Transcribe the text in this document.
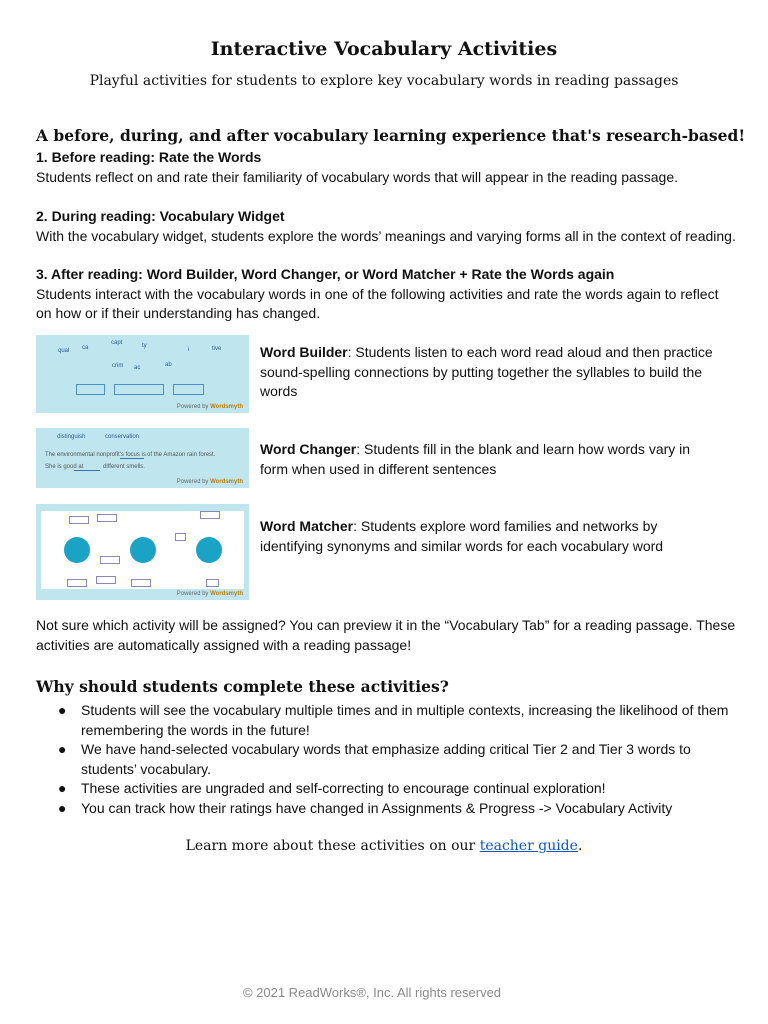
Interactive Vocabulary Activities
Playful activities for students to explore key vocabulary words in reading passages
A before, during, and after vocabulary learning experience that's research-based!
1. Before reading: Rate the Words
Students reflect on and rate their familiarity of vocabulary words that will appear in the reading passage.
2. During reading: Vocabulary Widget
With the vocabulary widget, students explore the words’ meanings and varying forms all in the context of reading.
3. After reading: Word Builder, Word Changer, or Word Matcher + Rate the Words again
Students interact with the vocabulary words in one of the following activities and rate the words again to reflect on how or if their understanding has changed.
qual ca
capt	ty
i	tive
crim ac	ab
Powered by Wordsmyth
Word Builder: Students listen to each word read aloud and then practice sound-spelling connections by putting together the syllables to build the words
distinguish	conservation
The environmental nonprofit's focus is of the Amazon rain forest.
She is good at	different smells.
Powered by Wordsmyth
Word Changer: Students fill in the blank and learn how words vary in form when used in different sentences
Powered by Wordsmyth
Word Matcher: Students explore word families and networks by identifying synonyms and similar words for each vocabulary word
Not sure which activity will be assigned? You can preview it in the “Vocabulary Tab” for a reading passage. These activities are automatically assigned with a reading passage!
Why should students complete these activities?
● Students will see the vocabulary multiple times and in multiple contexts, increasing the likelihood of them remembering the words in the future!
● We have hand-selected vocabulary words that emphasize adding critical Tier 2 and Tier 3 words to students’ vocabulary.
● These activities are ungraded and self-correcting to encourage continual exploration!
● You can track how their ratings have changed in Assignments & Progress -> Vocabulary Activity
Learn more about these activities on our teacher guide.
© 2021 ReadWorks®, Inc. All rights reserved
